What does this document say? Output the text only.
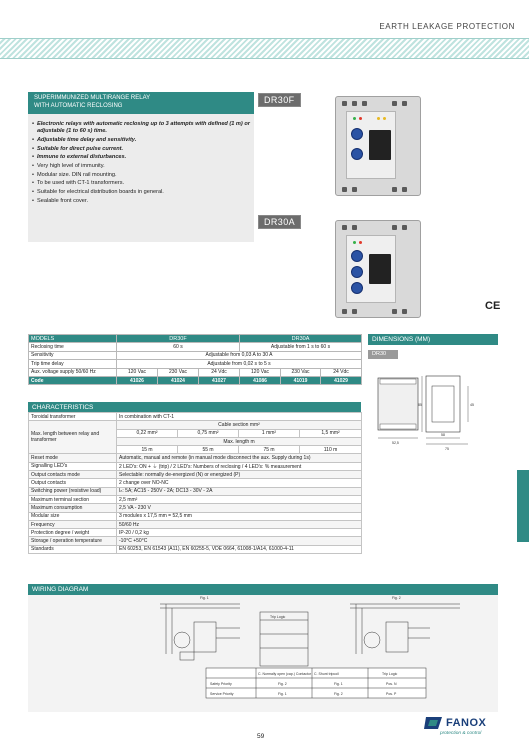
EARTH LEAKAGE PROTECTION
SUPERIMMUNIZED MULTIRANGE RELAY
WITH AUTOMATIC RECLOSING
• Electronic relays with automatic reclosing up to 3 attempts with defined (1 m) or adjustable (1 to 60 s) time.
• Adjustable time delay and sensitivity.
• Suitable for direct pulse current.
• Immune to external disturbances.
• Very high level of immunity.
• Modular size. DIN rail mounting.
• To be used with CT-1 transformers.
• Suitable for electrical distribution boards in general.
• Sealable front cover.
DR30F
DR30A
CE
MODELS	DR30F			DR30A		
Reclosing time	60 s			Adjustable from 1 s to 60 s		
Sensitivity	Adjustable from 0,03 A to 30 A					
Trip time delay	Adjustable from 0,02 s to 5 s					
Aux. voltage supply 50/60 Hz	120 Vac	230 Vac	24 Vdc	120 Vac	230 Vac	24 Vdc
Code	41026	41024	41027	41086	41019	41029
CHARACTERISTICS
Toroidal transformer	In combination with CT-1			
Max. length between relay and transformer	Cable section mm²			
	0,22 mm²	0,75 mm²	1 mm²	1,5 mm²
	Max. length m			
	15 m	55 m	75 m	110 m
Reset mode	Automatic, manual and remote (in manual mode disconnect the aux. Supply during 1s)			
Signalling LED's	2 LED's: ON + ⏚ (trip) / 2 LED's: Numbers of reclosing / 4 LED's: % measurement			
Output contacts mode	Selectable: normally de-energized (N) or energized (P)			
Output contacts	2 change over NO-NC			
Switching power (resistive load)	Iₙ: 5A; AC15 - 250V - 2A; DC13 - 30V - 2A			
Maximum terminal section	2,5 mm²			
Maximum consumption	2,5 VA - 230 V			
Modular size	3 modules x 17,5 mm = 52,5 mm			
Frequency	50/60 Hz			
Protection degree / weight	IP-20 / 0,2 kg			
Storage / operation temperature	-10°C +50°C			
Standards	EN 60253, EN 61543 (A11), EN 60255-5, VDE 0664, 61008-1/A14, 61000-4-11			
DIMENSIONS (MM)
DR30
85	45
58
75
52,5
WIRING DIAGRAM
Fig. 1	Fig. 2
Trip Logic
C. Normally open (cap.) Contactor C. Shunt tripcoil	Trip Logic
Safety Priority	Fig. 2	Fig. 1	Pos. N
Service Priority	Fig. 1	Fig. 2	Pos. P
59
FANOX
protection & control
